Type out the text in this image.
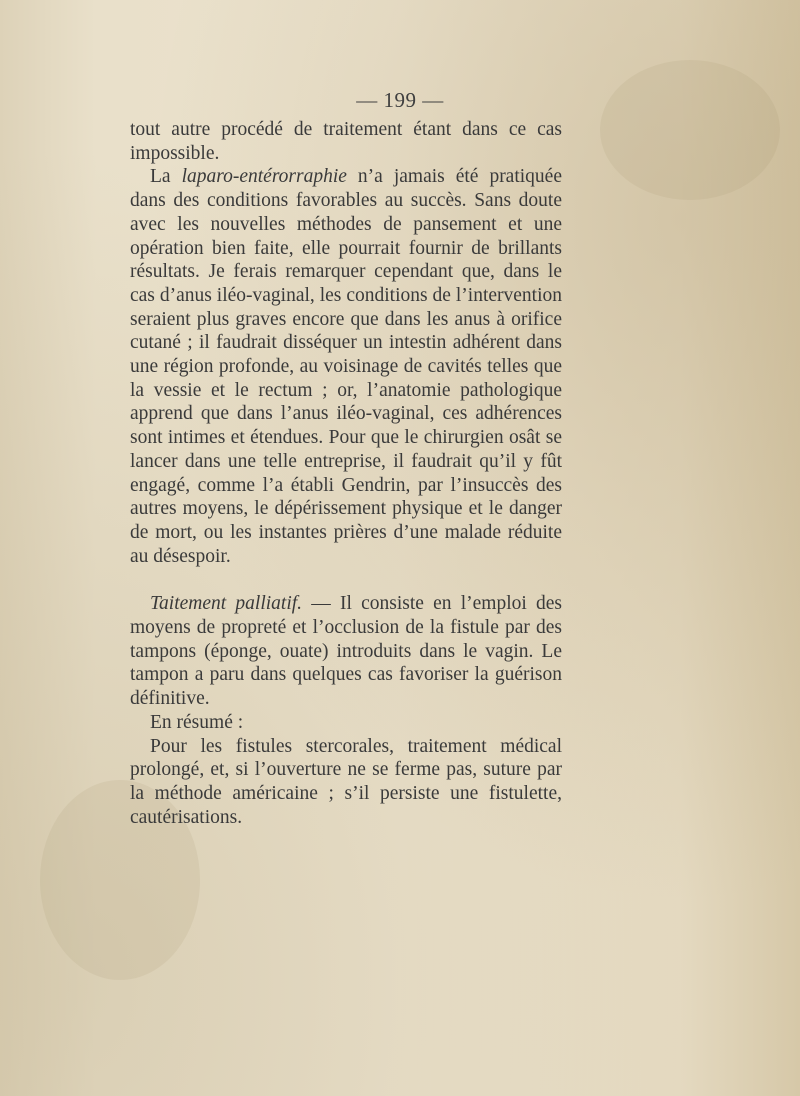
— 199 —

tout autre procédé de traitement étant dans ce cas impossible.

La laparo-entérorraphie n’a jamais été pratiquée dans des conditions favorables au succès. Sans doute avec les nouvelles méthodes de pansement et une opération bien faite, elle pourrait fournir de brillants résultats. Je ferais remarquer cependant que, dans le cas d’anus iléo-vaginal, les conditions de l’intervention seraient plus graves encore que dans les anus à orifice cutané ; il faudrait disséquer un intestin adhérent dans une région profonde, au voisinage de cavités telles que la vessie et le rectum ; or, l’anatomie pathologique apprend que dans l’anus iléo-vaginal, ces adhérences sont intimes et étendues. Pour que le chirurgien osât se lancer dans une telle entreprise, il faudrait qu’il y fût engagé, comme l’a établi Gendrin, par l’insuccès des autres moyens, le dépérissement physique et le danger de mort, ou les instantes prières d’une malade réduite au désespoir.

Taitement palliatif. — Il consiste en l’emploi des moyens de propreté et l’occlusion de la fistule par des tampons (éponge, ouate) introduits dans le vagin. Le tampon a paru dans quelques cas favoriser la guérison définitive.

En résumé :

Pour les fistules stercorales, traitement médical prolongé, et, si l’ouverture ne se ferme pas, suture par la méthode américaine ; s’il persiste une fistulette, cautérisations.
